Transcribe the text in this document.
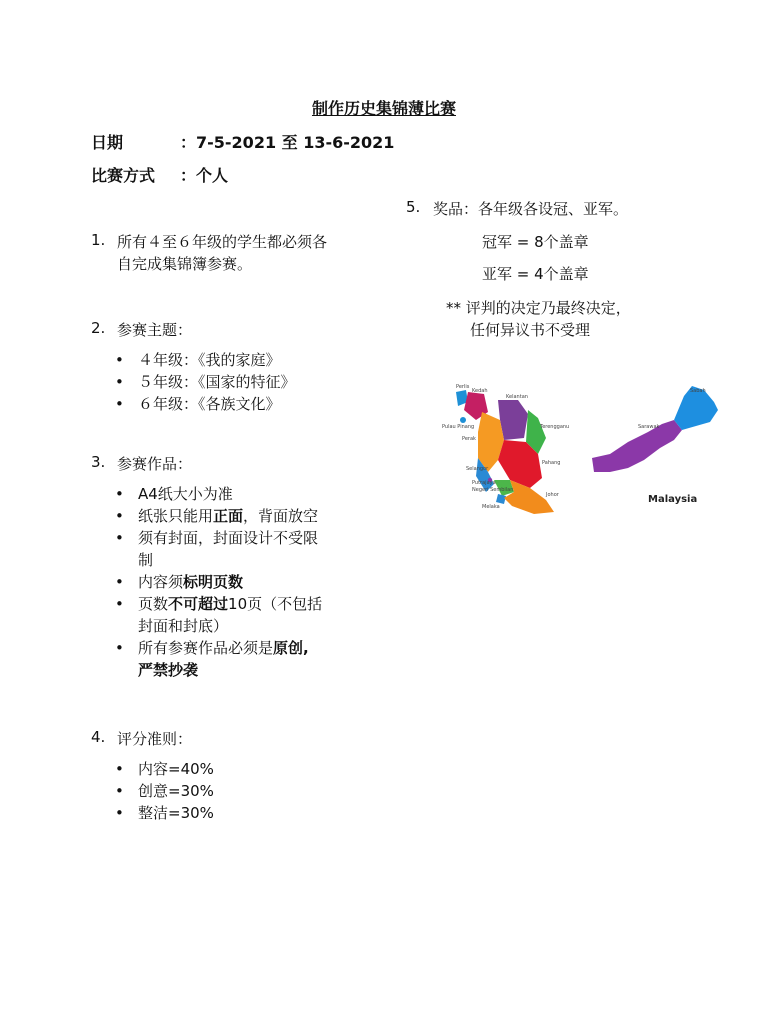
制作历史集锦薄比赛
日期	：7-5-2021 至 13-6-2021
比赛方式 ：个人
1. 所有４至６年级的学生都必须各
自完成集锦簿参赛。
2. 参赛主题：
• ４年级：《我的家庭》
• ５年级：《国家的特征》
• ６年级：《各族文化》
3. 参赛作品：
• A4纸大小为准
• 纸张只能用正面，背面放空
• 须有封面，封面设计不受限
制
• 内容须标明页数
• 页数不可超过10页（不包括
封面和封底）
• 所有参赛作品必须是原创,
严禁抄袭
4. 评分准则：
• 内容=40%
• 创意=30%
• 整洁=30%
5. 奖品：各年级各设冠、亚军。
冠军 = 8个盖章
亚军 = 4个盖章
** 评判的决定乃最终决定，
任何异议书不受理
Perlis
Kedah
Kelantan
Pulau Pinang	Terengganu
Perak
Pahang
Selangor
Putrajaya
Negeri Sembilan
Melaka
Johor
Sabah
Sarawak
Malaysia
